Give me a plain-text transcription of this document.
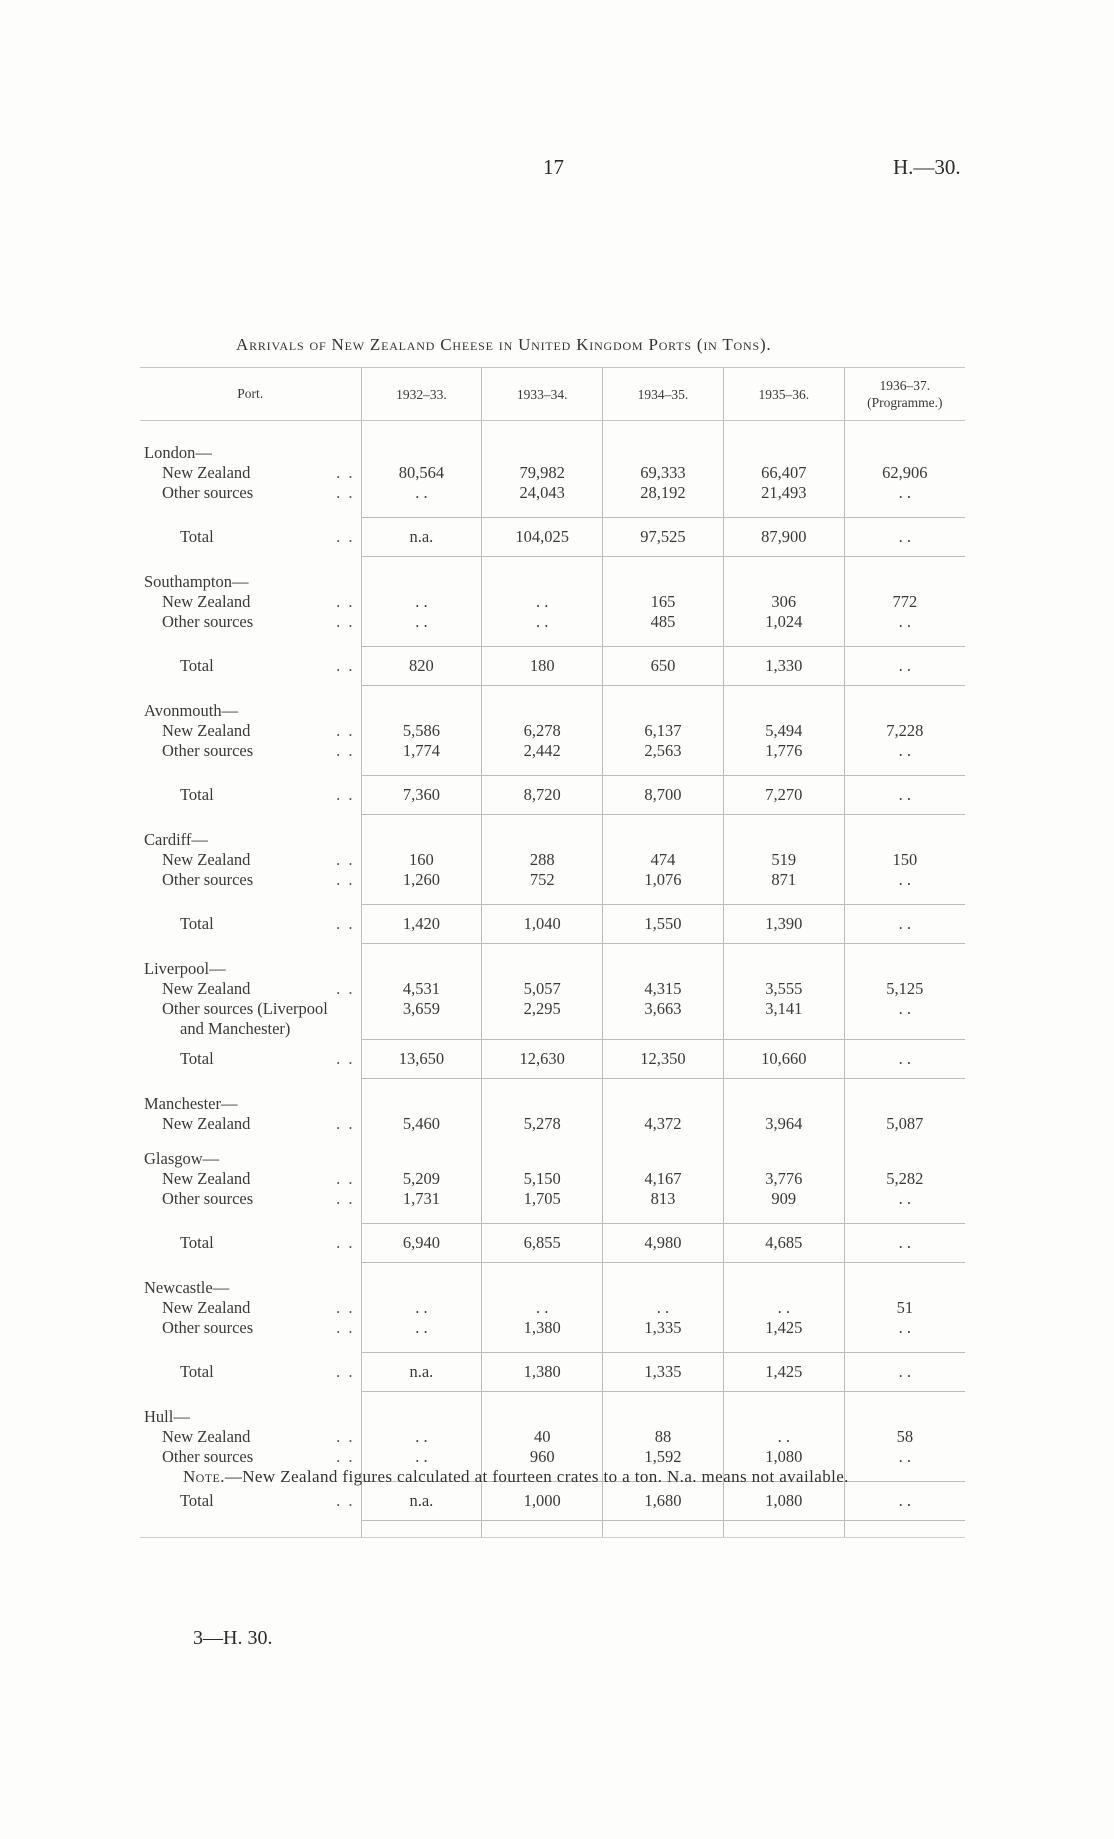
17	H.—30.
Arrivals of New Zealand Cheese in United Kingdom Ports (in Tons).
Port.	1932–33.	1933–34.	1934–35.	1935–36.	1936–37.
(Programme.)

London—					
New Zealand . .	80,564	79,982	69,333	66,407	62,906
Other sources . .	. .	24,043	28,192	21,493	. .

Total . .	n.a.	104,025	97,525	87,900	. .

Southampton—					
New Zealand . .	. .	. .	165	306	772
Other sources . .	. .	. .	485	1,024	. .

Total . .	820	180	650	1,330	. .

Avonmouth—					
New Zealand . .	5,586	6,278	6,137	5,494	7,228
Other sources . .	1,774	2,442	2,563	1,776	. .

Total . .	7,360	8,720	8,700	7,270	. .

Cardiff—					
New Zealand . .	160	288	474	519	150
Other sources . .	1,260	752	1,076	871	. .

Total . .	1,420	1,040	1,550	1,390	. .

Liverpool—					
New Zealand . .	4,531	5,057	4,315	3,555	5,125
Other sources (Liverpool	3,659	2,295	3,663	3,141	. .
and Manchester)					
Total . .	13,650	12,630	12,350	10,660	. .

Manchester—					
New Zealand . .	5,460	5,278	4,372	3,964	5,087

Glasgow—					
New Zealand . .	5,209	5,150	4,167	3,776	5,282
Other sources . .	1,731	1,705	813	909	. .

Total . .	6,940	6,855	4,980	4,685	. .

Newcastle—					
New Zealand . .	. .	. .	. .	. .	51
Other sources . .	. .	1,380	1,335	1,425	. .

Total . .	n.a.	1,380	1,335	1,425	. .

Hull—					
New Zealand . .	. .	40	88	. .	58
Other sources . .	. .	960	1,592	1,080	. .

Total . .	n.a.	1,000	1,680	1,080	. .

Note.—New Zealand figures calculated at fourteen crates to a ton. N.a. means not available.
3—H. 30.
